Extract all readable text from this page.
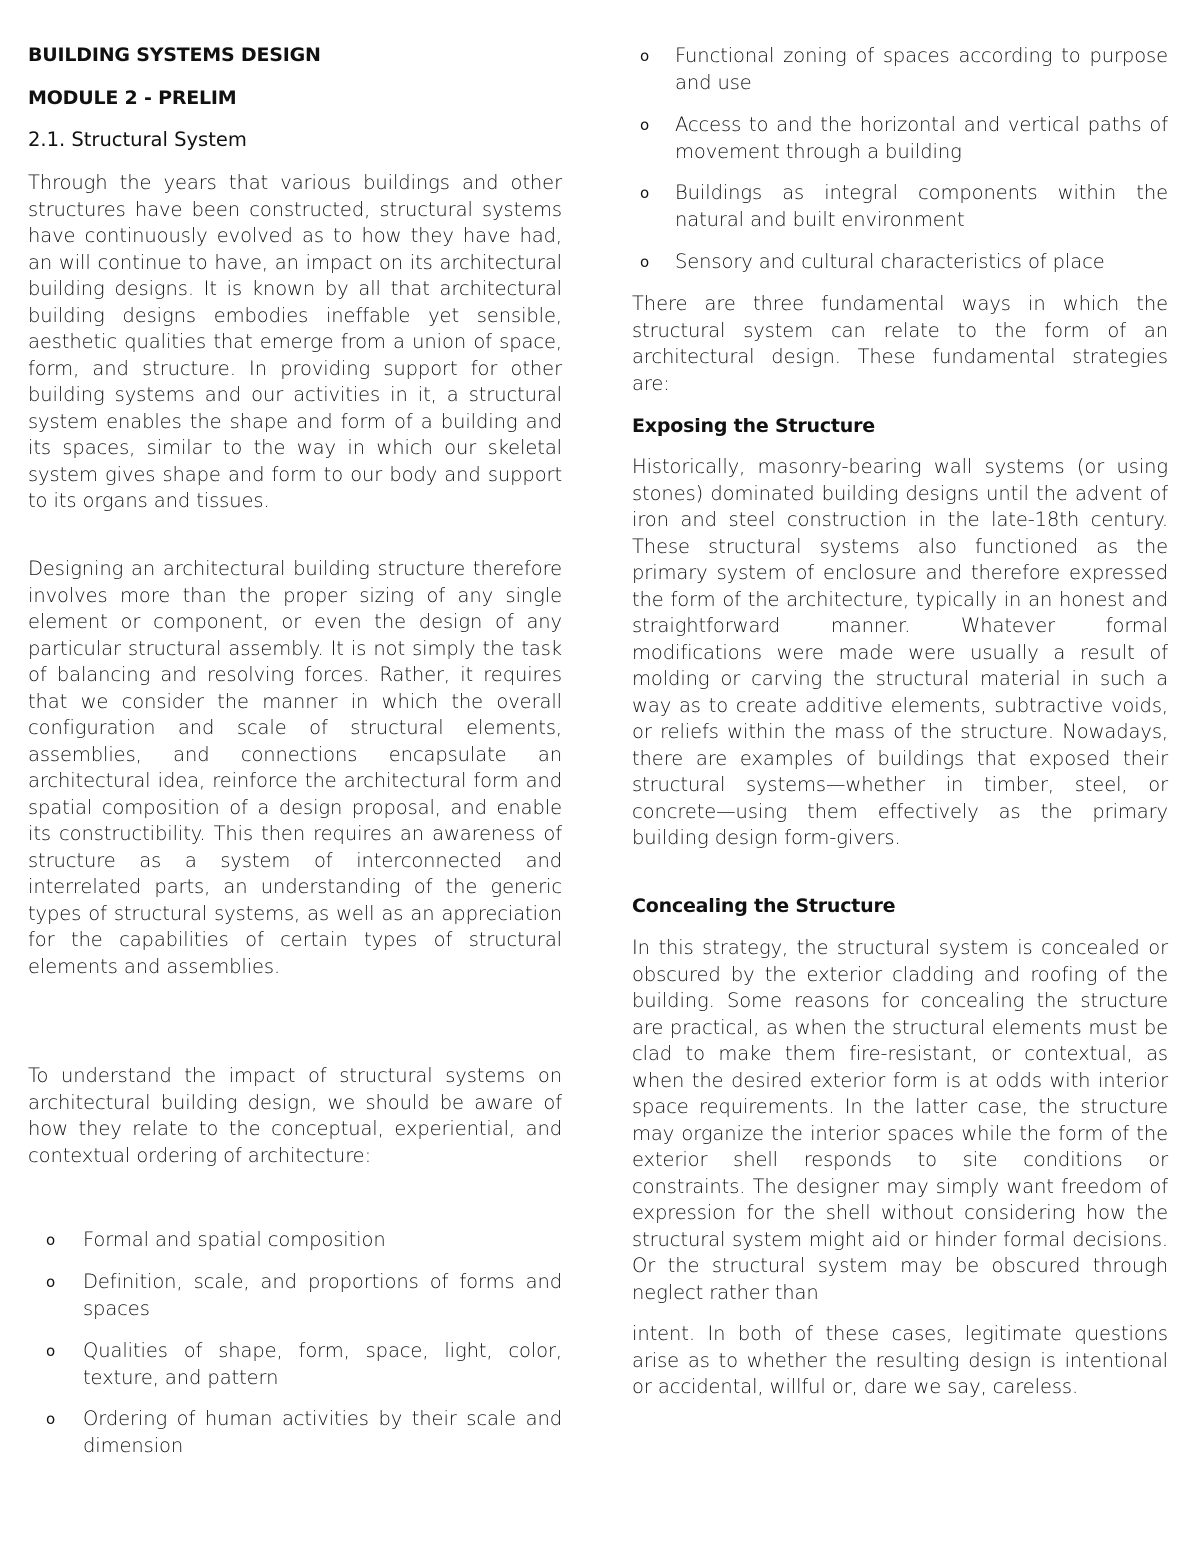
BUILDING SYSTEMS DESIGN
MODULE 2 - PRELIM
2.1. Structural System

Through the years that various buildings and other structures have been constructed, structural systems have continuously evolved as to how they have had, an will continue to have, an impact on its architectural building designs. It is known by all that architectural building designs embodies ineffable yet sensible, aesthetic qualities that emerge from a union of space, form, and structure. In providing support for other building systems and our activities in it, a structural system enables the shape and form of a building and its spaces, similar to the way in which our skeletal system gives shape and form to our body and support to its organs and tissues.

Designing an architectural building structure therefore involves more than the proper sizing of any single element or component, or even the design of any particular structural assembly. It is not simply the task of balancing and resolving forces. Rather, it requires that we consider the manner in which the overall configuration and scale of structural elements, assemblies, and connections encapsulate an architectural idea, reinforce the architectural form and spatial composition of a design proposal, and enable its constructibility. This then requires an awareness of structure as a system of interconnected and interrelated parts, an understanding of the generic types of structural systems, as well as an appreciation for the capabilities of certain types of structural elements and assemblies.

To understand the impact of structural systems on architectural building design, we should be aware of how they relate to the conceptual, experiential, and contextual ordering of architecture:

o Formal and spatial composition
o Definition, scale, and proportions of forms and spaces
o Qualities of shape, form, space, light, color, texture, and pattern
o Ordering of human activities by their scale and dimension
o Functional zoning of spaces according to purpose and use
o Access to and the horizontal and vertical paths of movement through a building
o Buildings as integral components within the natural and built environment
o Sensory and cultural characteristics of place

There are three fundamental ways in which the structural system can relate to the form of an architectural design. These fundamental strategies are:

Exposing the Structure

Historically, masonry-bearing wall systems (or using stones) dominated building designs until the advent of iron and steel construction in the late-18th century. These structural systems also functioned as the primary system of enclosure and therefore expressed the form of the architecture, typically in an honest and straightforward manner. Whatever formal modifications were made were usually a result of molding or carving the structural material in such a way as to create additive elements, subtractive voids, or reliefs within the mass of the structure. Nowadays, there are examples of buildings that exposed their structural systems—whether in timber, steel, or concrete—using them effectively as the primary building design form-givers.

Concealing the Structure

In this strategy, the structural system is concealed or obscured by the exterior cladding and roofing of the building. Some reasons for concealing the structure are practical, as when the structural elements must be clad to make them fire-resistant, or contextual, as when the desired exterior form is at odds with interior space requirements. In the latter case, the structure may organize the interior spaces while the form of the exterior shell responds to site conditions or constraints. The designer may simply want freedom of expression for the shell without considering how the structural system might aid or hinder formal decisions. Or the structural system may be obscured through neglect rather than

intent. In both of these cases, legitimate questions arise as to whether the resulting design is intentional or accidental, willful or, dare we say, careless.
